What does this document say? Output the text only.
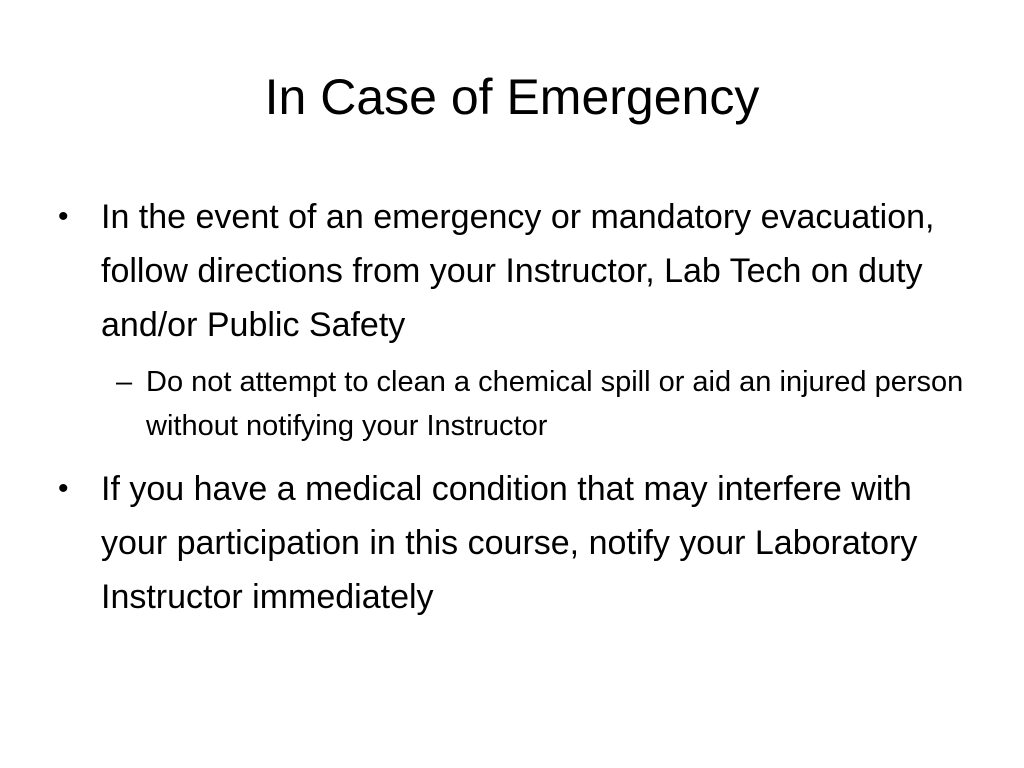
In Case of Emergency
• In the event of an emergency or mandatory evacuation, follow directions from your Instructor, Lab Tech on duty and/or Public Safety
– Do not attempt to clean a chemical spill or aid an injured person without notifying your Instructor
• If you have a medical condition that may interfere with your participation in this course, notify your Laboratory Instructor immediately
